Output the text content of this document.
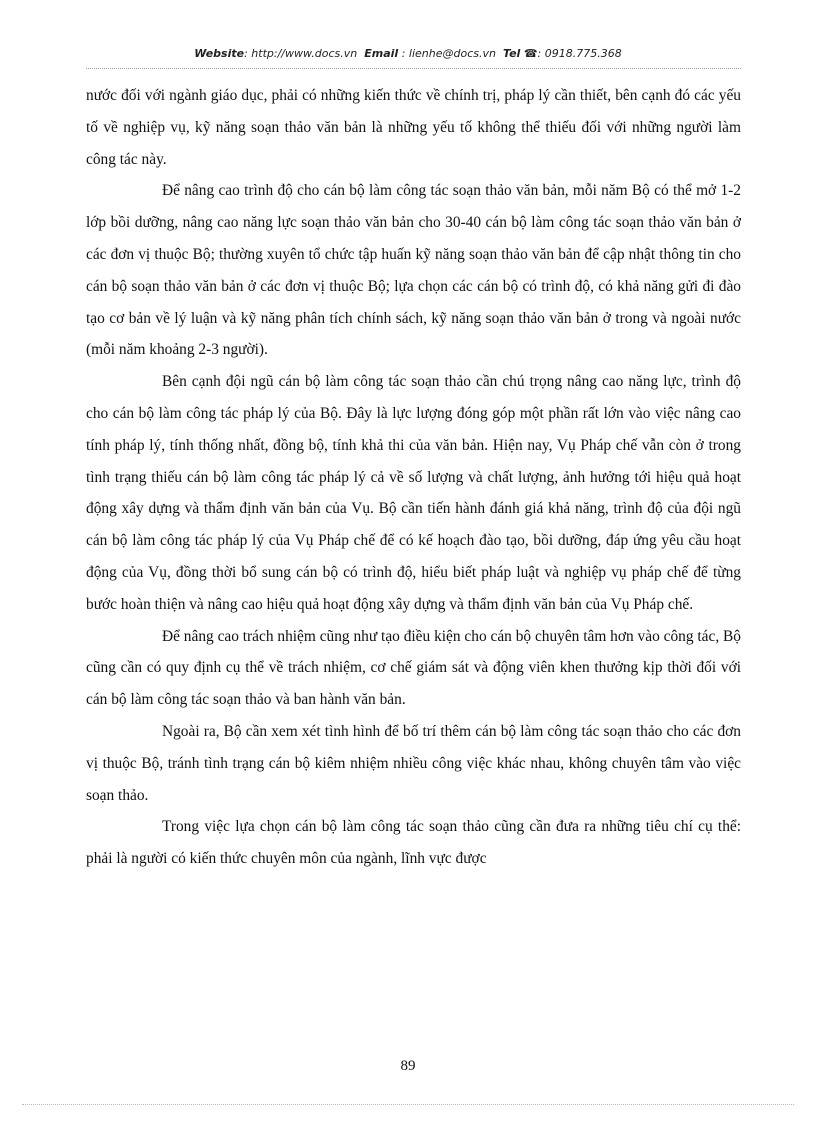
Website: http://www.docs.vn Email : lienhe@docs.vn Tel ☎: 0918.775.368

nước đối với ngành giáo dục, phải có những kiến thức về chính trị, pháp lý cần thiết, bên cạnh đó các yếu tố về nghiệp vụ, kỹ năng soạn thảo văn bản là những yếu tố không thể thiếu đối với những người làm công tác này.

Để nâng cao trình độ cho cán bộ làm công tác soạn thảo văn bản, mỗi năm Bộ có thể mở 1-2 lớp bồi dưỡng, nâng cao năng lực soạn thảo văn bản cho 30-40 cán bộ làm công tác soạn thảo văn bản ở các đơn vị thuộc Bộ; thường xuyên tổ chức tập huấn kỹ năng soạn thảo văn bản để cập nhật thông tin cho cán bộ soạn thảo văn bản ở các đơn vị thuộc Bộ; lựa chọn các cán bộ có trình độ, có khả năng gửi đi đào tạo cơ bản về lý luận và kỹ năng phân tích chính sách, kỹ năng soạn thảo văn bản ở trong và ngoài nước (mỗi năm khoảng 2-3 người).

Bên cạnh đội ngũ cán bộ làm công tác soạn thảo cần chú trọng nâng cao năng lực, trình độ cho cán bộ làm công tác pháp lý của Bộ. Đây là lực lượng đóng góp một phần rất lớn vào việc nâng cao tính pháp lý, tính thống nhất, đồng bộ, tính khả thi của văn bản. Hiện nay, Vụ Pháp chế vẫn còn ở trong tình trạng thiếu cán bộ làm công tác pháp lý cả về số lượng và chất lượng, ảnh hưởng tới hiệu quả hoạt động xây dựng và thẩm định văn bản của Vụ. Bộ cần tiến hành đánh giá khả năng, trình độ của đội ngũ cán bộ làm công tác pháp lý của Vụ Pháp chế để có kế hoạch đào tạo, bồi dưỡng, đáp ứng yêu cầu hoạt động của Vụ, đồng thời bổ sung cán bộ có trình độ, hiểu biết pháp luật và nghiệp vụ pháp chế để từng bước hoàn thiện và nâng cao hiệu quả hoạt động xây dựng và thẩm định văn bản của Vụ Pháp chế.

Để nâng cao trách nhiệm cũng như tạo điều kiện cho cán bộ chuyên tâm hơn vào công tác, Bộ cũng cần có quy định cụ thể về trách nhiệm, cơ chế giám sát và động viên khen thưởng kịp thời đối với cán bộ làm công tác soạn thảo và ban hành văn bản.

Ngoài ra, Bộ cần xem xét tình hình để bố trí thêm cán bộ làm công tác soạn thảo cho các đơn vị thuộc Bộ, tránh tình trạng cán bộ kiêm nhiệm nhiều công việc khác nhau, không chuyên tâm vào việc soạn thảo.

Trong việc lựa chọn cán bộ làm công tác soạn thảo cũng cần đưa ra những tiêu chí cụ thể: phải là người có kiến thức chuyên môn của ngành, lĩnh vực được

89
